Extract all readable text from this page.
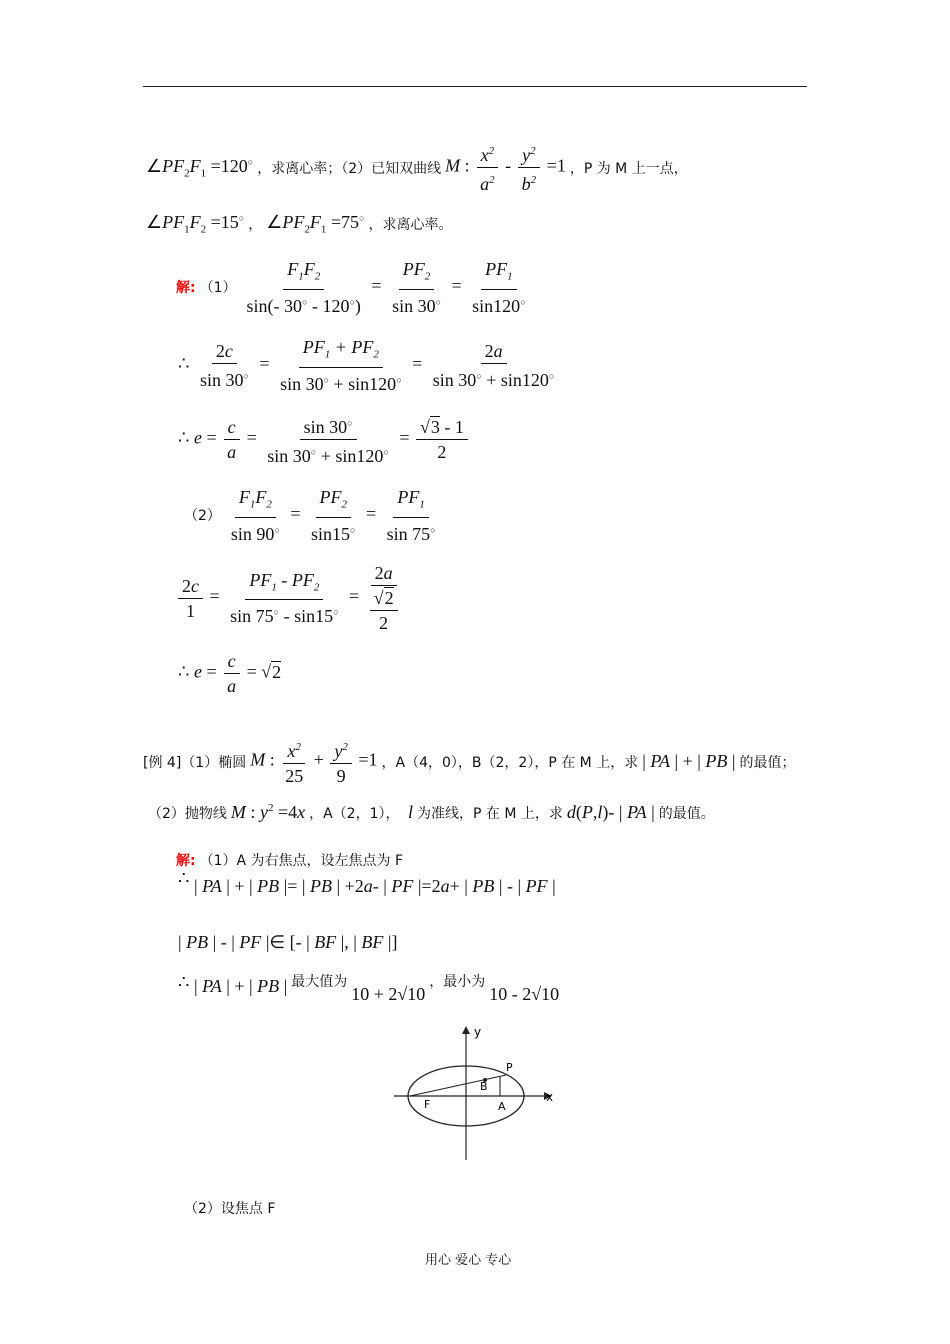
$\angle PF_2F_1 =120^○$ ，求离心率；（2）已知双曲线 M : $\frac{x^2}{a^2} - \frac{y^2}{b^2} =1$ ，P 为 M 上一点，
$\angle PF_1F_2 =15^○$ ， $\angle PF_2F_1 =75^○$ ，求离心率。
解: $(1) \frac{F_1F_2}{\sin(- 30^○ - 120^○)} = \frac{PF_2}{\sin 30^○} = \frac{PF_1}{\sin 120^○}$
∴ $\frac{2c}{\sin 30^○} = \frac{PF_1 + PF_2}{\sin 30^○ + \sin 120^○} = \frac{2a}{\sin 30^○ + \sin 120^○}$
∴ $e = \frac{c}{a} = \frac{\sin 30^○}{\sin 30^○ + \sin 120^○} = \frac{√3 - 1}{2}$
$(2) \frac{F_1F_2}{\sin 90^○} = \frac{PF_2}{\sin 15^○} = \frac{PF_1}{\sin 75^○}$
$\frac{2c}{1} = \frac{PF_1 - PF_2}{\sin 75^○ - \sin 15^○} = \frac{2a}{\frac{√2}{2}}$
∴ $e = \frac{c}{a} = √2$
[例 4]（1）椭圆 M : $\frac{x^2}{25} + \frac{y^2}{9} =1$ ，A（4，0），B（2，2），P 在 M 上，求 | PA | + | PB | 的最值；
（2）抛物线 M : $y^2 =4x$ ，A（2，1）， l 为准线，P 在 M 上，求 d(P,l)- | PA | 的最值。
解: （1）A 为右焦点，设左焦点为 F
∴ | PA | + | PB |= | PB | +2a- | PF |=2a+ | PB | - | PF |
| PB | - | PF |∈ [- | BF |, | BF |]
∴ | PA | + | PB | 最大值为
10 + 2√10
，最小为
10 - 2√10
y
x
P
B
F	A
（2）设焦点 F
用心 爱心 专心
